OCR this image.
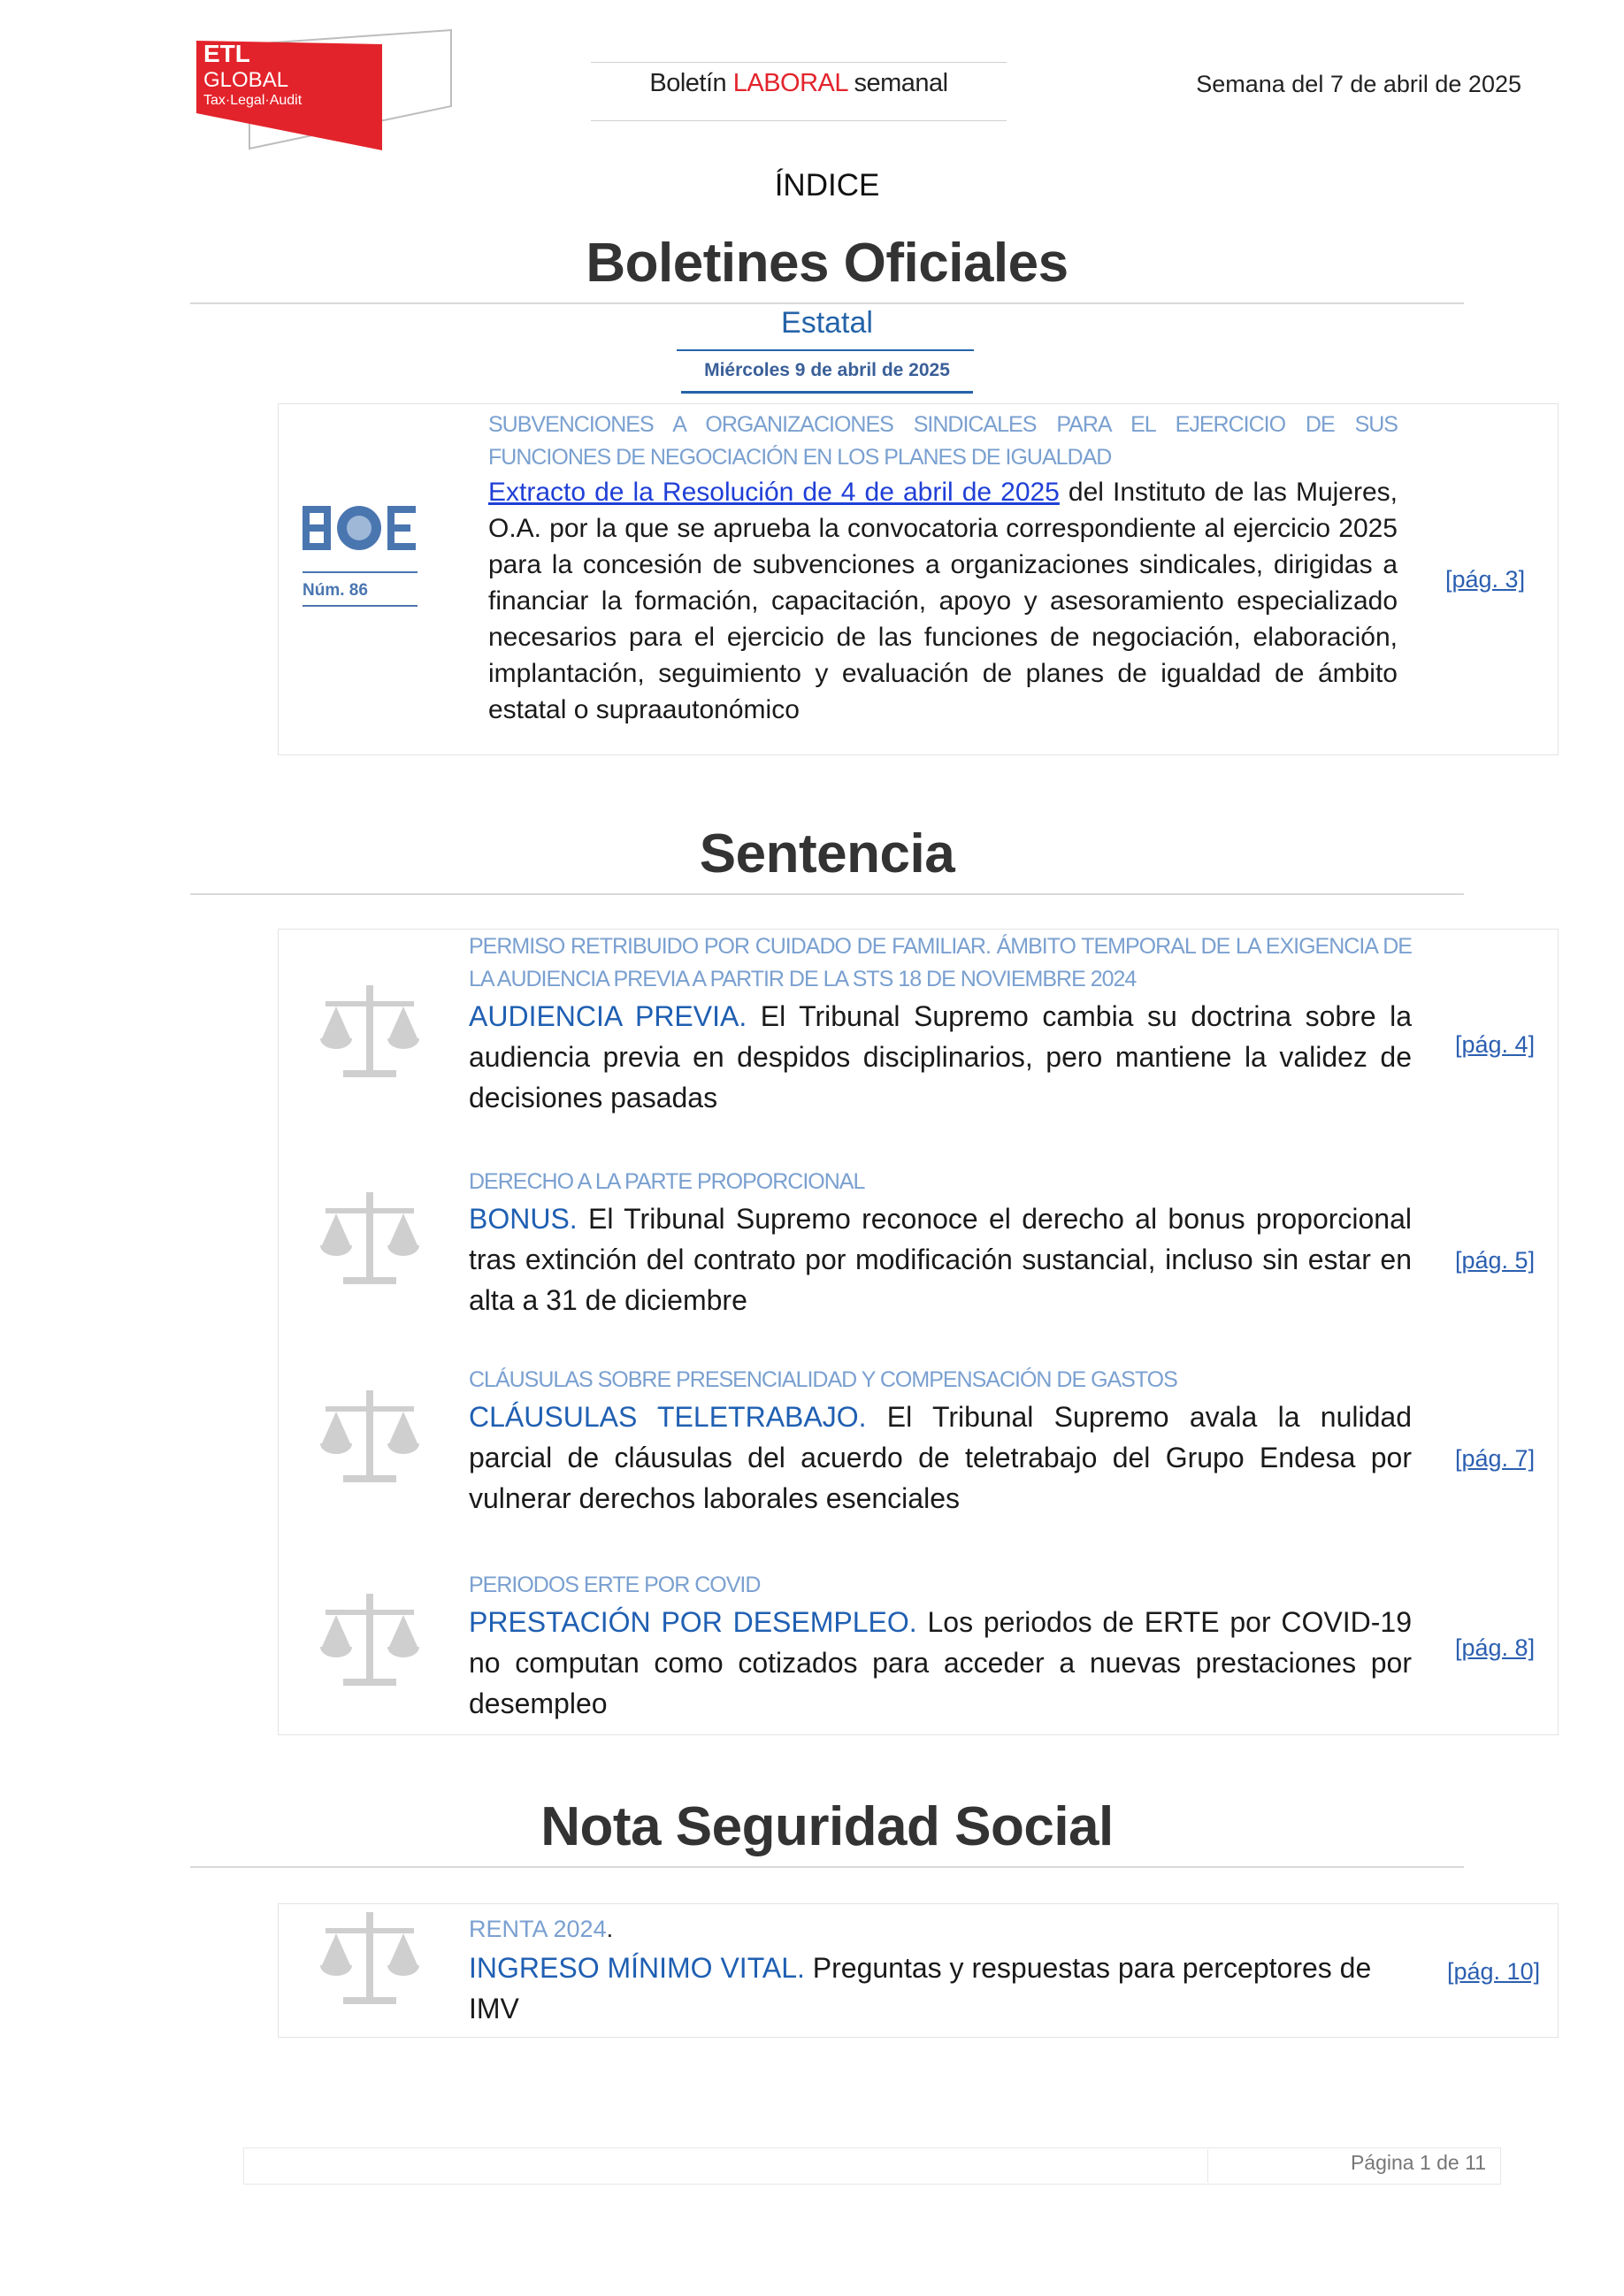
ETL
GLOBAL
Tax·Legal·Audit
Boletín LABORAL semanal	Semana del 7 de abril de 2025
ÍNDICE
Boletines Oficiales
Estatal
Miércoles 9 de abril de 2025
Núm. 86
SUBVENCIONES A ORGANIZACIONES SINDICALES PARA EL EJERCICIO DE SUS FUNCIONES DE NEGOCIACIÓN EN LOS PLANES DE IGUALDAD
Extracto de la Resolución de 4 de abril de 2025 del Instituto de las Mujeres, O.A. por la que se aprueba la convocatoria correspondiente al ejercicio 2025 para la concesión de subvenciones a organizaciones sindicales, dirigidas a financiar la formación, capacitación, apoyo y asesoramiento especializado necesarios para el ejercicio de las funciones de negociación, elaboración, implantación, seguimiento y evaluación de planes de igualdad de ámbito estatal o supraautonómico
[pág. 3]
Sentencia
PERMISO RETRIBUIDO POR CUIDADO DE FAMILIAR. ÁMBITO TEMPORAL DE LA EXIGENCIA DE LA AUDIENCIA PREVIA A PARTIR DE LA STS 18 DE NOVIEMBRE 2024
AUDIENCIA PREVIA. El Tribunal Supremo cambia su doctrina sobre la audiencia previa en despidos disciplinarios, pero mantiene la validez de decisiones pasadas
[pág. 4]
DERECHO A LA PARTE PROPORCIONAL
BONUS. El Tribunal Supremo reconoce el derecho al bonus proporcional tras extinción del contrato por modificación sustancial, incluso sin estar en alta a 31 de diciembre
[pág. 5]
CLÁUSULAS SOBRE PRESENCIALIDAD Y COMPENSACIÓN DE GASTOS
CLÁUSULAS TELETRABAJO. El Tribunal Supremo avala la nulidad parcial de cláusulas del acuerdo de teletrabajo del Grupo Endesa por vulnerar derechos laborales esenciales
[pág. 7]
PERIODOS ERTE POR COVID
PRESTACIÓN POR DESEMPLEO. Los periodos de ERTE por COVID-19 no computan como cotizados para acceder a nuevas prestaciones por desempleo
[pág. 8]
Nota Seguridad Social
RENTA 2024.
INGRESO MÍNIMO VITAL. Preguntas y respuestas para perceptores de IMV
[pág. 10]
Página 1 de 11
